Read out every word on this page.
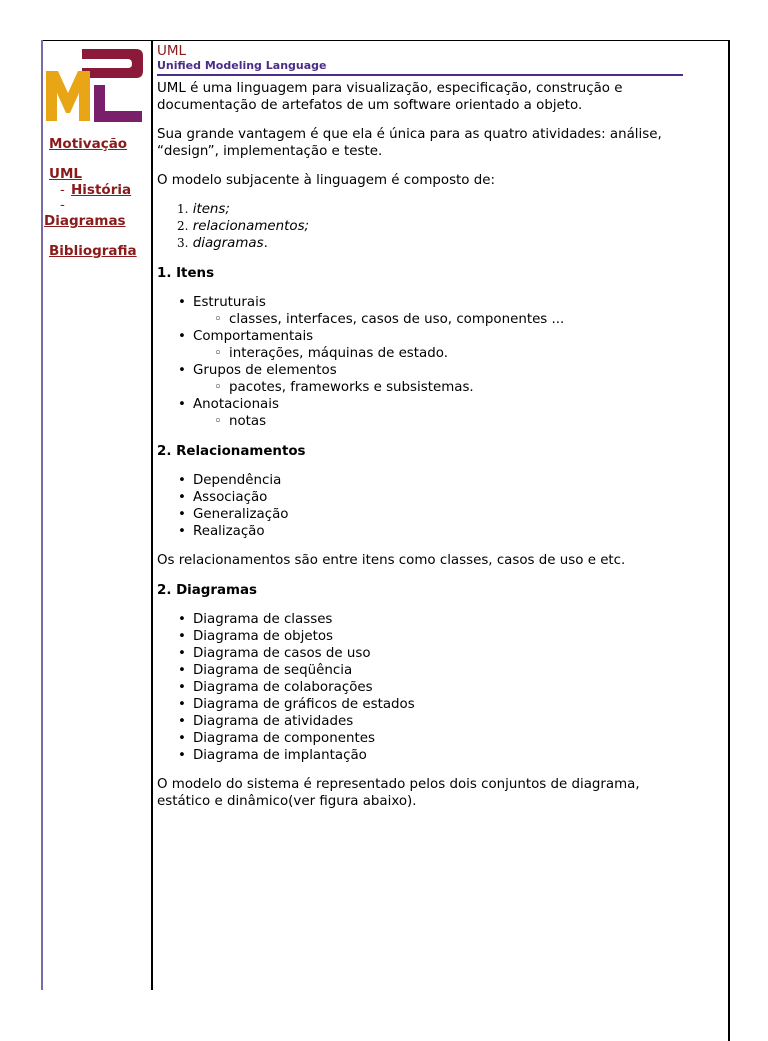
Motivação
UML
- História
-
Diagramas
Bibliografia
UML
Unified Modeling Language

UML é uma linguagem para visualização, especificação, construção e documentação de artefatos de um software orientado a objeto.

Sua grande vantagem é que ela é única para as quatro atividades: análise, “design”, implementação e teste.

O modelo subjacente à linguagem é composto de:

1. itens;
2. relacionamentos;
3. diagramas.
1. Itens
• Estruturais
◦ classes, interfaces, casos de uso, componentes ...
• Comportamentais
◦ interações, máquinas de estado.
• Grupos de elementos
◦ pacotes, frameworks e subsistemas.
• Anotacionais
◦ notas
2. Relacionamentos
• Dependência
• Associação
• Generalização
• Realização

Os relacionamentos são entre itens como classes, casos de uso e etc.

2. Diagramas
• Diagrama de classes
• Diagrama de objetos
• Diagrama de casos de uso
• Diagrama de seqüência
• Diagrama de colaborações
• Diagrama de gráficos de estados
• Diagrama de atividades
• Diagrama de componentes
• Diagrama de implantação

O modelo do sistema é representado pelos dois conjuntos de diagrama, estático e dinâmico(ver figura abaixo).
